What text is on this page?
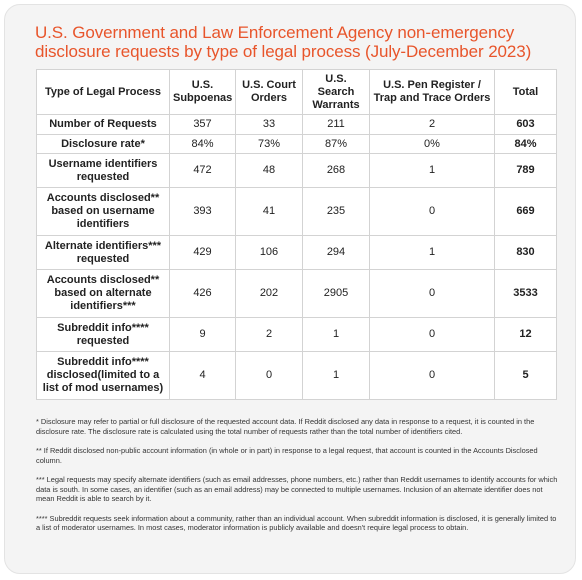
U.S. Government and Law Enforcement Agency non-emergency disclosure requests by type of legal process (July-December 2023)
Type of Legal Process	U.S. Subpoenas	U.S. Court Orders	U.S. Search Warrants	U.S. Pen Register / Trap and Trace Orders	Total
Number of Requests	357	33	211	2	603
Disclosure rate*	84%	73%	87%	0%	84%
Username identifiers requested	472	48	268	1	789
Accounts disclosed** based on username identifiers	393	41	235	0	669
Alternate identifiers*** requested	429	106	294	1	830
Accounts disclosed** based on alternate identifiers***	426	202	2905	0	3533
Subreddit info**** requested	9	2	1	0	12
Subreddit info**** disclosed(limited to a list of mod usernames)	4	0	1	0	5

* Disclosure may refer to partial or full disclosure of the requested account data. If Reddit disclosed any data in response to a request, it is counted in the disclosure rate. The disclosure rate is calculated using the total number of requests rather than the total number of identifiers cited.

** If Reddit disclosed non-public account information (in whole or in part) in response to a legal request, that account is counted in the Accounts Disclosed column.

*** Legal requests may specify alternate identifiers (such as email addresses, phone numbers, etc.) rather than Reddit usernames to identify accounts for which data is south. In some cases, an identifier (such as an email address) may be connected to multiple usernames. Inclusion of an alternate identifier does not mean Reddit is able to search by it.

**** Subreddit requests seek information about a community, rather than an individual account. When subreddit information is disclosed, it is generally limited to a list of moderator usernames. In most cases, moderator information is publicly available and doesn't require legal process to obtain.
